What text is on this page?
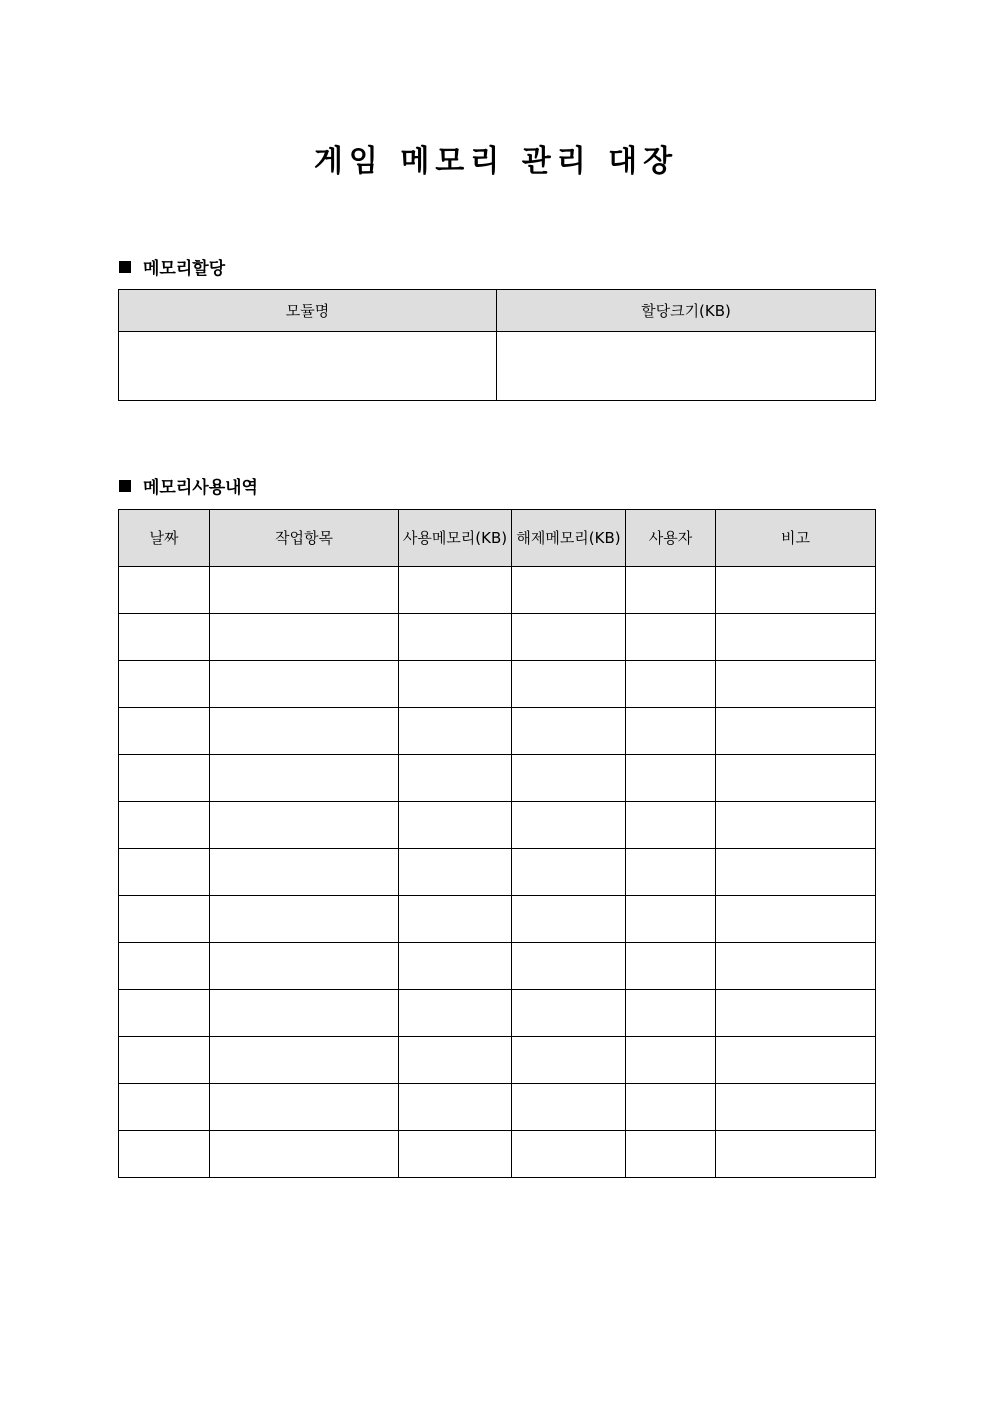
게임 메모리 관리 대장
메모리할당
모듈명	할당크기(KB)

메모리사용내역
날짜	작업항목	사용메모리(KB)	해제메모리(KB)	사용자	비고
